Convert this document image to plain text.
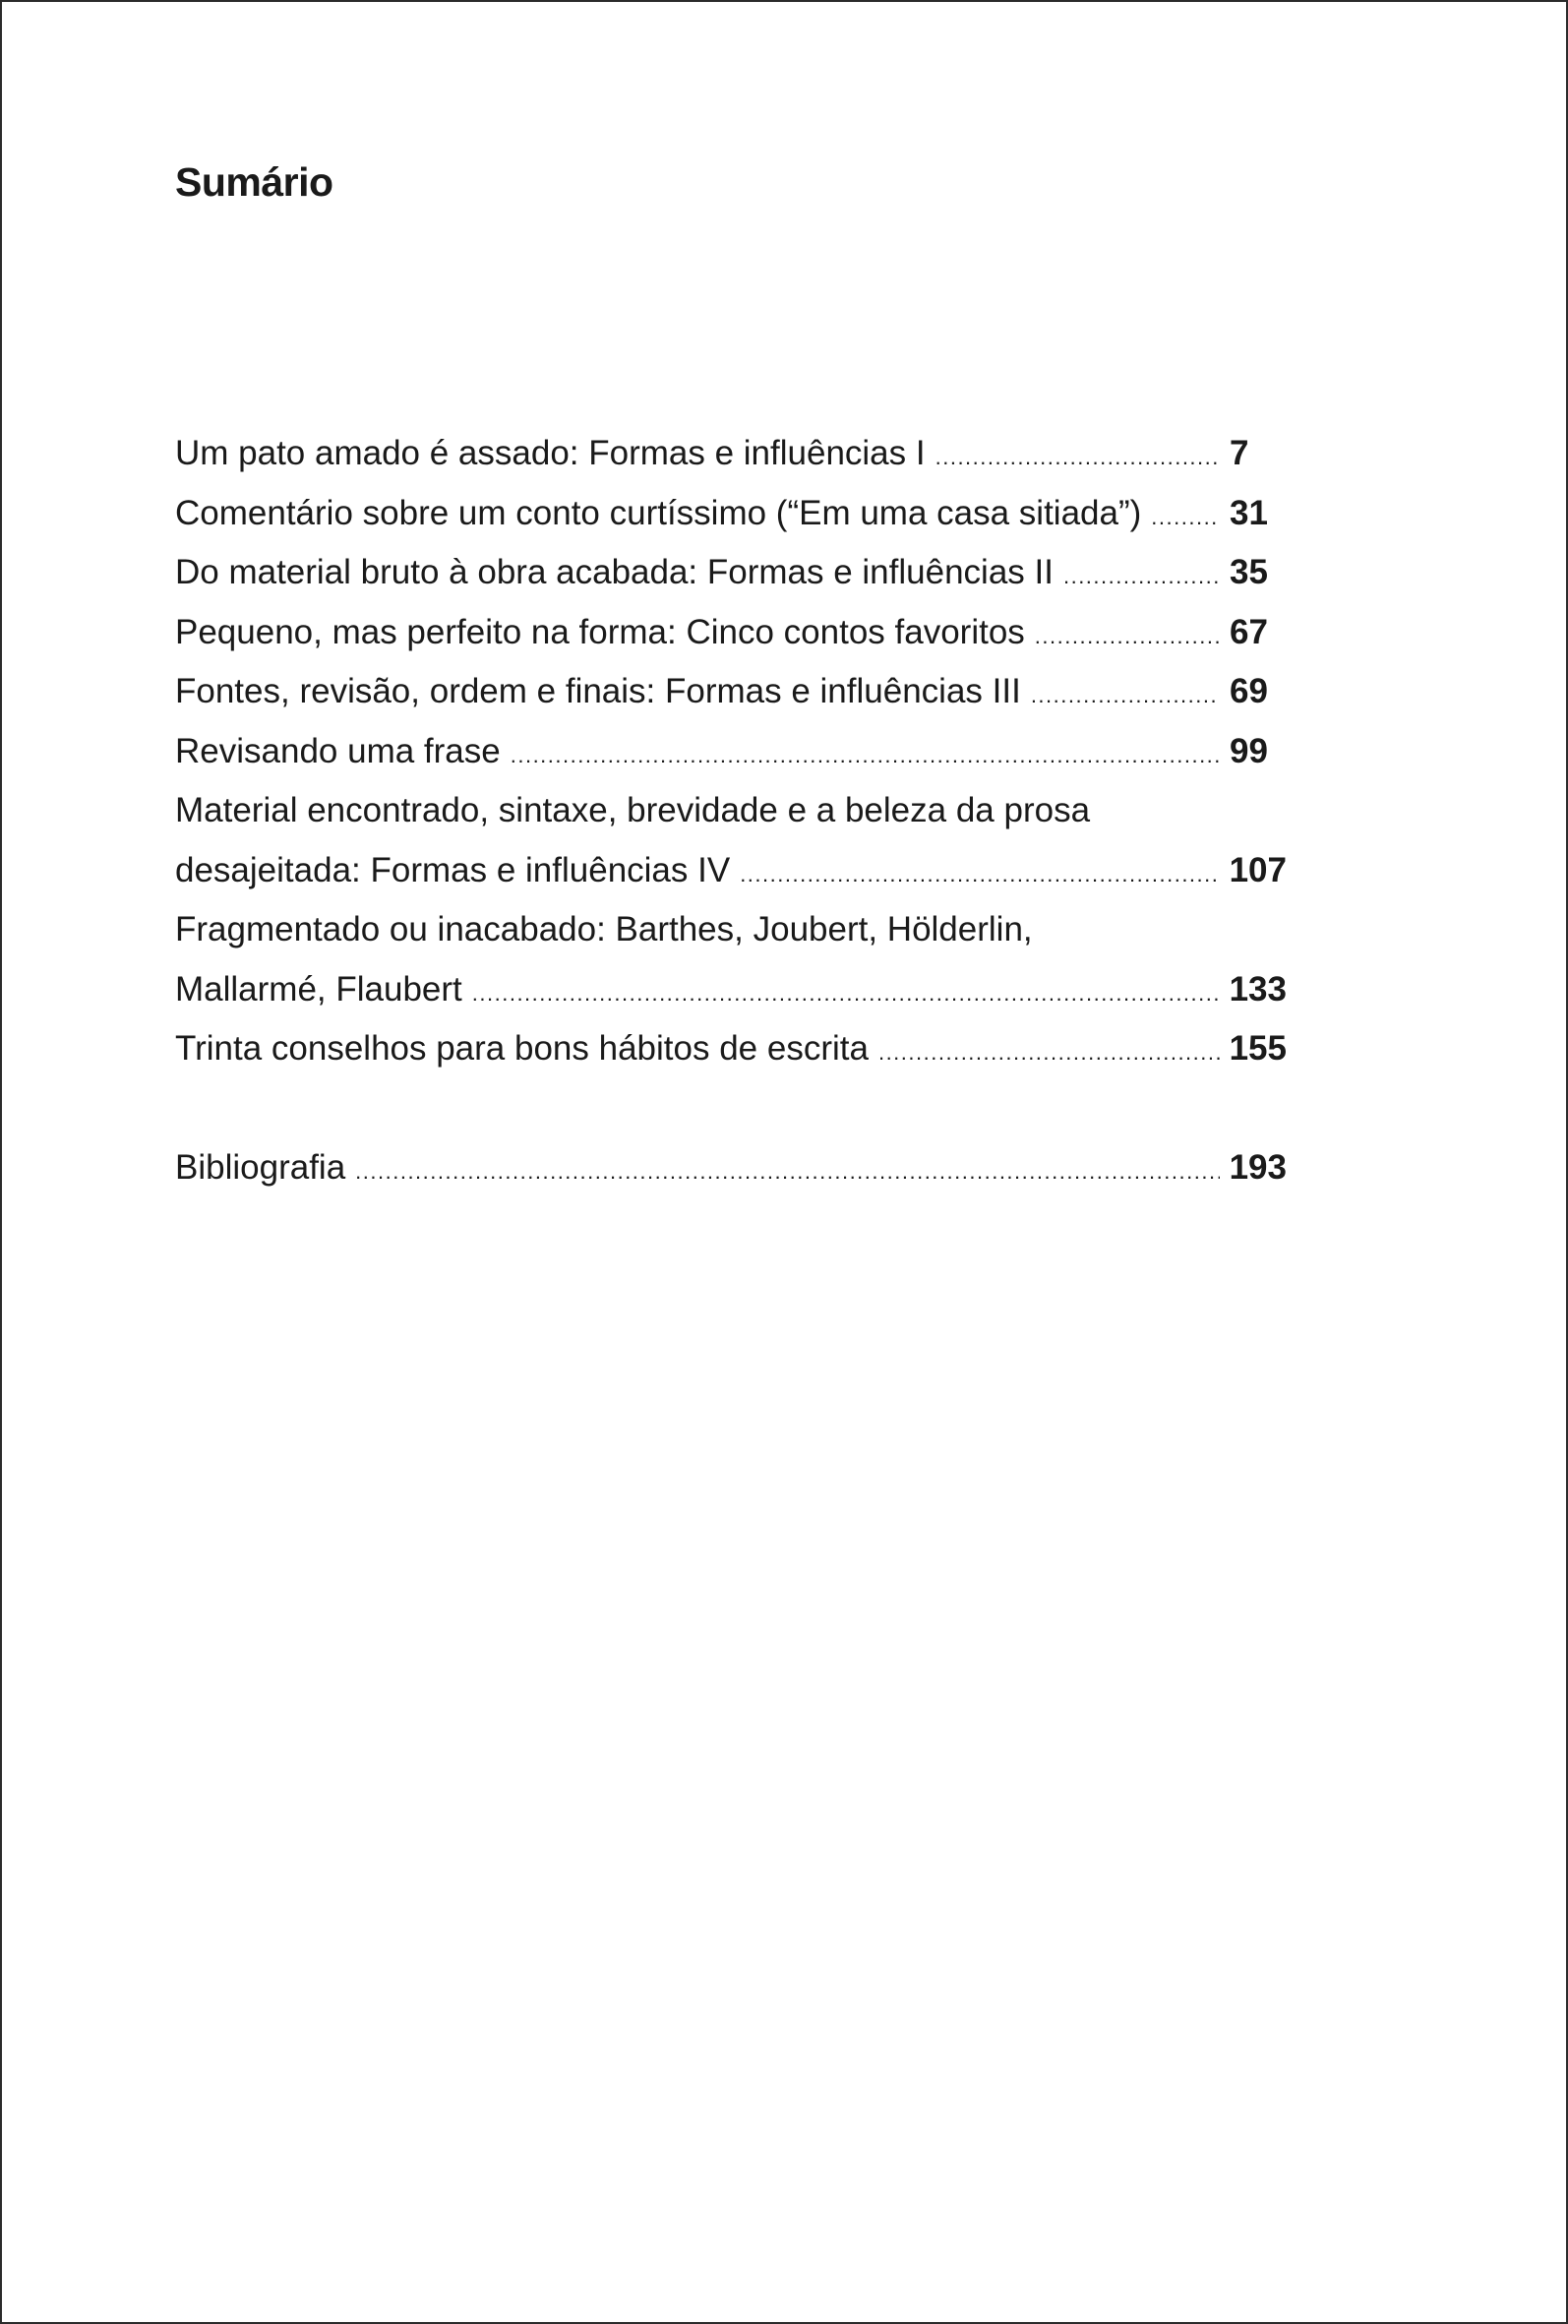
Sumário
Um pato amado é assado: Formas e influências I .....	7
Comentário sobre um conto curtíssimo (“Em uma casa sitiada”) .....	31
Do material bruto à obra acabada: Formas e influências II .....	35
Pequeno, mas perfeito na forma: Cinco contos favoritos .....	67
Fontes, revisão, ordem e finais: Formas e influências III .....	69
Revisando uma frase .....	99
Material encontrado, sintaxe, brevidade e a beleza da prosa
desajeitada: Formas e influências IV .....	107
Fragmentado ou inacabado: Barthes, Joubert, Hölderlin,
Mallarmé, Flaubert .....	133
Trinta conselhos para bons hábitos de escrita .....	155
Bibliografia .....	193
